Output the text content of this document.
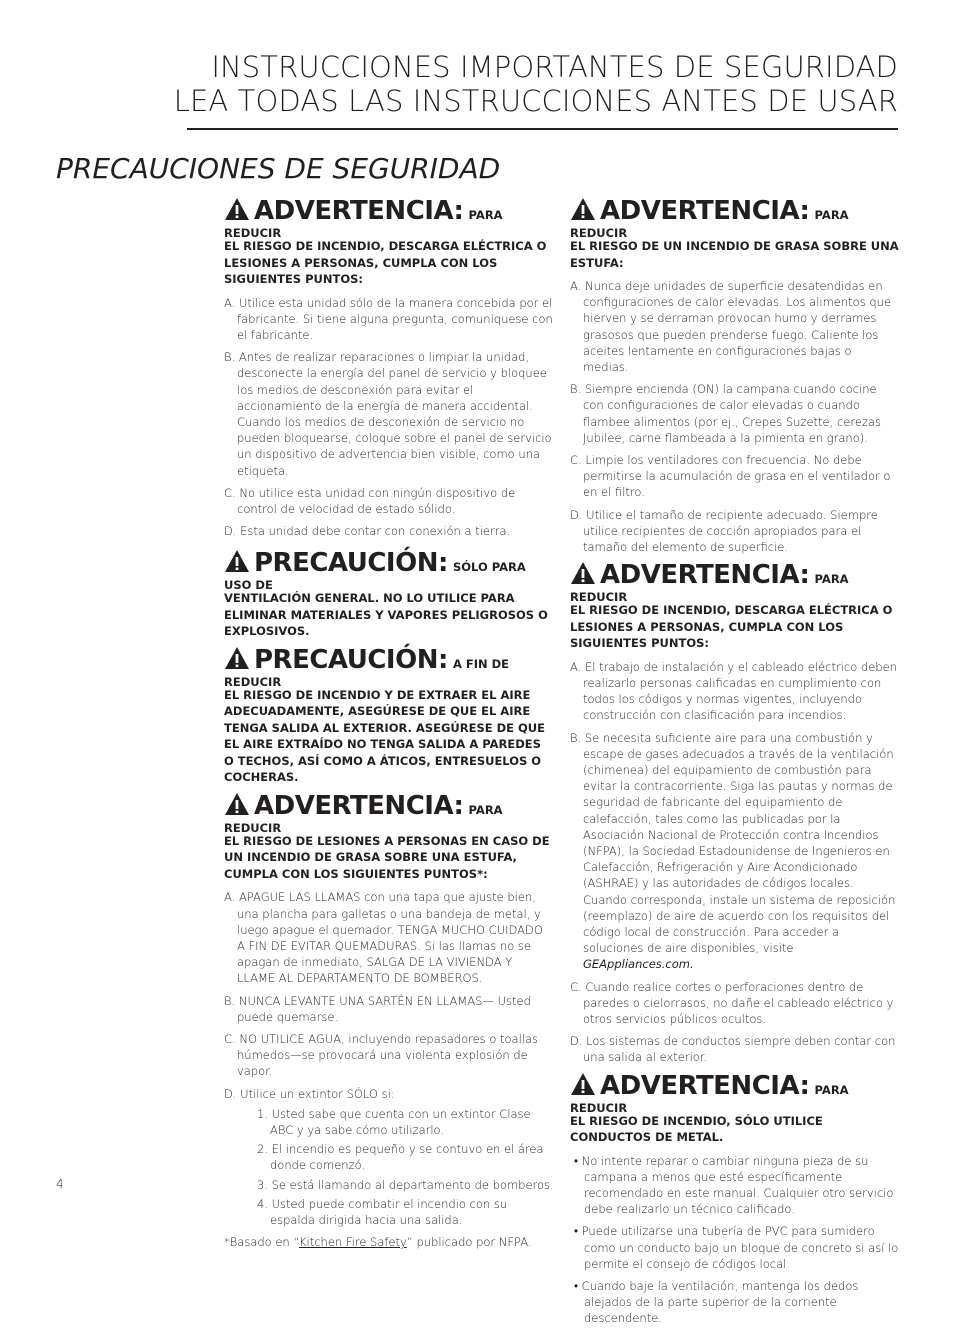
INSTRUCCIONES IMPORTANTES DE SEGURIDAD
LEA TODAS LAS INSTRUCCIONES ANTES DE USAR
PRECAUCIONES DE SEGURIDAD
ADVERTENCIA: PARA REDUCIR
EL RIESGO DE INCENDIO, DESCARGA ELÉCTRICA O LESIONES A PERSONAS, CUMPLA CON LOS SIGUIENTES PUNTOS:
A. Utilice esta unidad sólo de la manera concebida por el fabricante. Si tiene alguna pregunta, comuníquese con el fabricante.
B. Antes de realizar reparaciones o limpiar la unidad, desconecte la energía del panel de servicio y bloquee los medios de desconexión para evitar el accionamiento de la energía de manera accidental. Cuando los medios de desconexión de servicio no pueden bloquearse, coloque sobre el panel de servicio un dispositivo de advertencia bien visible, como una etiqueta.
C. No utilice esta unidad con ningún dispositivo de control de velocidad de estado sólido.
D. Esta unidad debe contar con conexión a tierra.
PRECAUCIÓN: SÓLO PARA USO DE
VENTILACIÓN GENERAL. NO LO UTILICE PARA ELIMINAR MATERIALES Y VAPORES PELIGROSOS O EXPLOSIVOS.
PRECAUCIÓN: A FIN DE REDUCIR
EL RIESGO DE INCENDIO Y DE EXTRAER EL AIRE ADECUADAMENTE, ASEGÚRESE DE QUE EL AIRE TENGA SALIDA AL EXTERIOR. ASEGÚRESE DE QUE EL AIRE EXTRAÍDO NO TENGA SALIDA A PAREDES O TECHOS, ASÍ COMO A ÁTICOS, ENTRESUELOS O COCHERAS.
ADVERTENCIA: PARA REDUCIR
EL RIESGO DE LESIONES A PERSONAS EN CASO DE UN INCENDIO DE GRASA SOBRE UNA ESTUFA, CUMPLA CON LOS SIGUIENTES PUNTOS*:
A. APAGUE LAS LLAMAS con una tapa que ajuste bien, una plancha para galletas o una bandeja de metal, y luego apague el quemador. TENGA MUCHO CUIDADO A FIN DE EVITAR QUEMADURAS. Si las llamas no se apagan de inmediato, SALGA DE LA VIVIENDA Y LLAME AL DEPARTAMENTO DE BOMBEROS.
B. NUNCA LEVANTE UNA SARTÉN EN LLAMAS— Usted puede quemarse.
C. NO UTILICE AGUA, incluyendo repasadores o toallas húmedos—se provocará una violenta explosión de vapor.
D. Utilice un extintor SÓLO si:
1. Usted sabe que cuenta con un extintor Clase ABC y ya sabe cómo utilizarlo.
2. El incendio es pequeño y se contuvo en el área donde comenzó.
3. Se está llamando al departamento de bomberos.
4. Usted puede combatir el incendio con su espalda dirigida hacia una salida.
*Basado en “Kitchen Fire Safety” publicado por NFPA.
ADVERTENCIA: PARA REDUCIR
EL RIESGO DE UN INCENDIO DE GRASA SOBRE UNA ESTUFA:
A. Nunca deje unidades de superficie desatendidas en configuraciones de calor elevadas. Los alimentos que hierven y se derraman provocan humo y derrames grasosos que pueden prenderse fuego. Caliente los aceites lentamente en configuraciones bajas o medias.
B. Siempre encienda (ON) la campana cuando cocine con configuraciones de calor elevadas o cuando flambee alimentos (por ej., Crepes Suzette, cerezas Jubilee, carne flambeada a la pimienta en grano).
C. Limpie los ventiladores con frecuencia. No debe permitirse la acumulación de grasa en el ventilador o en el filtro.
D. Utilice el tamaño de recipiente adecuado. Siempre utilice recipientes de cocción apropiados para el tamaño del elemento de superficie.
ADVERTENCIA: PARA REDUCIR
EL RIESGO DE INCENDIO, DESCARGA ELÉCTRICA O LESIONES A PERSONAS, CUMPLA CON LOS SIGUIENTES PUNTOS:
A. El trabajo de instalación y el cableado eléctrico deben realizarlo personas calificadas en cumplimiento con todos los códigos y normas vigentes, incluyendo construcción con clasificación para incendios.
B. Se necesita suficiente aire para una combustión y escape de gases adecuados a través de la ventilación (chimenea) del equipamiento de combustión para evitar la contracorriente. Siga las pautas y normas de seguridad de fabricante del equipamiento de calefacción, tales como las publicadas por la Asociación Nacional de Protección contra Incendios (NFPA), la Sociedad Estadounidense de Ingenieros en Calefacción, Refrigeración y Aire Acondicionado (ASHRAE) y las autoridades de códigos locales. Cuando corresponda, instale un sistema de reposición (reemplazo) de aire de acuerdo con los requisitos del código local de construcción. Para acceder a soluciones de aire disponibles, visite GEAppliances.com.
C. Cuando realice cortes o perforaciones dentro de paredes o cielorrasos, no dañe el cableado eléctrico y otros servicios públicos ocultos.
D. Los sistemas de conductos siempre deben contar con una salida al exterior.
ADVERTENCIA: PARA REDUCIR
EL RIESGO DE INCENDIO, SÓLO UTILICE CONDUCTOS DE METAL.
• No intente reparar o cambiar ninguna pieza de su campana a menos que esté específicamente recomendado en este manual. Cualquier otro servicio debe realizarlo un técnico calificado.
• Puede utilizarse una tubería de PVC para sumidero como un conducto bajo un bloque de concreto si así lo permite el consejo de códigos local.
• Cuando baje la ventilación, mantenga los dedos alejados de la parte superior de la corriente descendente.
4
